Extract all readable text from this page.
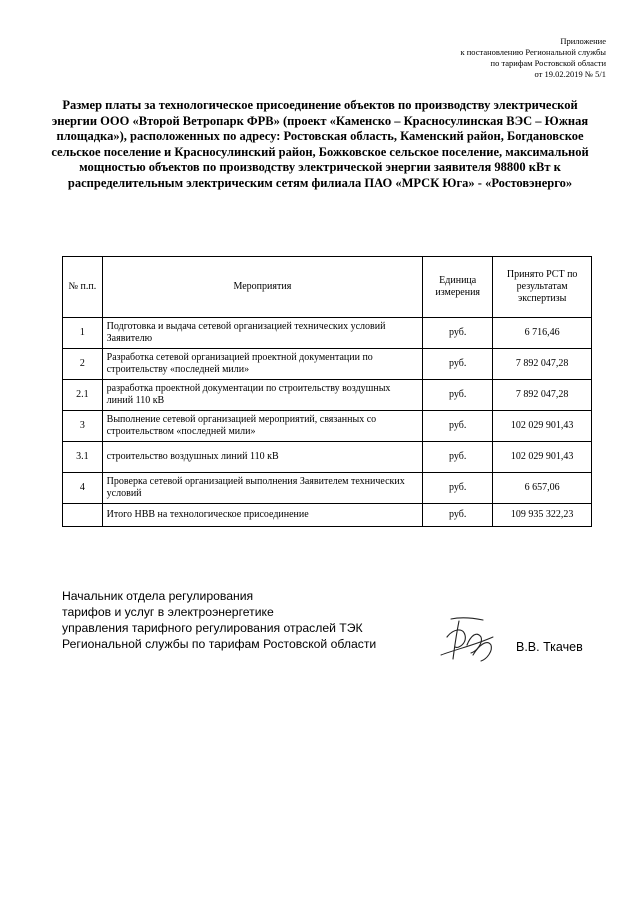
Приложение
к постановлению Региональной службы
по тарифам Ростовской области
от 19.02.2019 № 5/1
Размер платы за технологическое присоединение объектов по производству электрической энергии ООО «Второй Ветропарк ФРВ» (проект «Каменско – Красносулинская ВЭС – Южная площадка»), расположенных по адресу: Ростовская область, Каменский район, Богдановское сельское поселение и Красносулинский район, Божковское сельское поселение, максимальной мощностью объектов по производству электрической энергии заявителя 98800 кВт к распределительным электрическим сетям филиала ПАО «МРСК Юга» - «Ростовэнерго»
№ п.п.	Мероприятия	Единица измерения	Принято РСТ по результатам экспертизы
1	Подготовка и выдача сетевой организацией технических условий Заявителю	руб.	6 716,46
2	Разработка сетевой организацией проектной документации по строительству «последней мили»	руб.	7 892 047,28
2.1	разработка проектной документации по строительству воздушных линий 110 кВ	руб.	7 892 047,28
3	Выполнение сетевой организацией мероприятий, связанных со строительством «последней мили»	руб.	102 029 901,43
3.1	строительство воздушных линий 110 кВ	руб.	102 029 901,43
4	Проверка сетевой организацией выполнения Заявителем технических условий	руб.	6 657,06
	Итого НВВ на технологическое присоединение	руб.	109 935 322,23
Начальник отдела регулирования
тарифов и услуг в электроэнергетике
управления тарифного регулирования отраслей ТЭК
Региональной службы по тарифам Ростовской области	В.В. Ткачев
